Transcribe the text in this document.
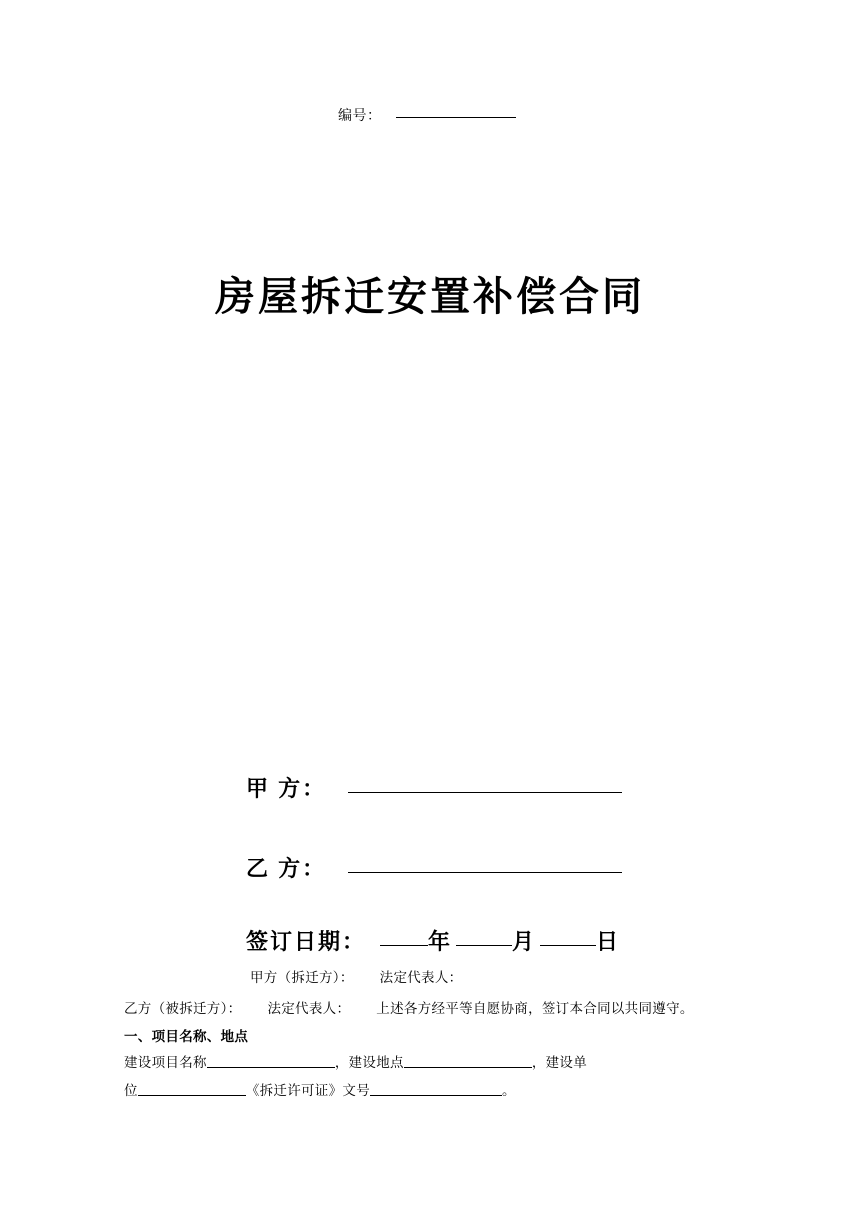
编号：
房屋拆迁安置补偿合同
甲 方：
乙 方：
签订日期：	年	月	日
甲方（拆迁方）： 法定代表人：
乙方（被拆迁方）： 法定代表人： 上述各方经平等自愿协商，签订本合同以共同遵守。
一、项目名称、地点
建设项目名称	，建设地点	，建设单
位	《拆迁许可证》文号	。
